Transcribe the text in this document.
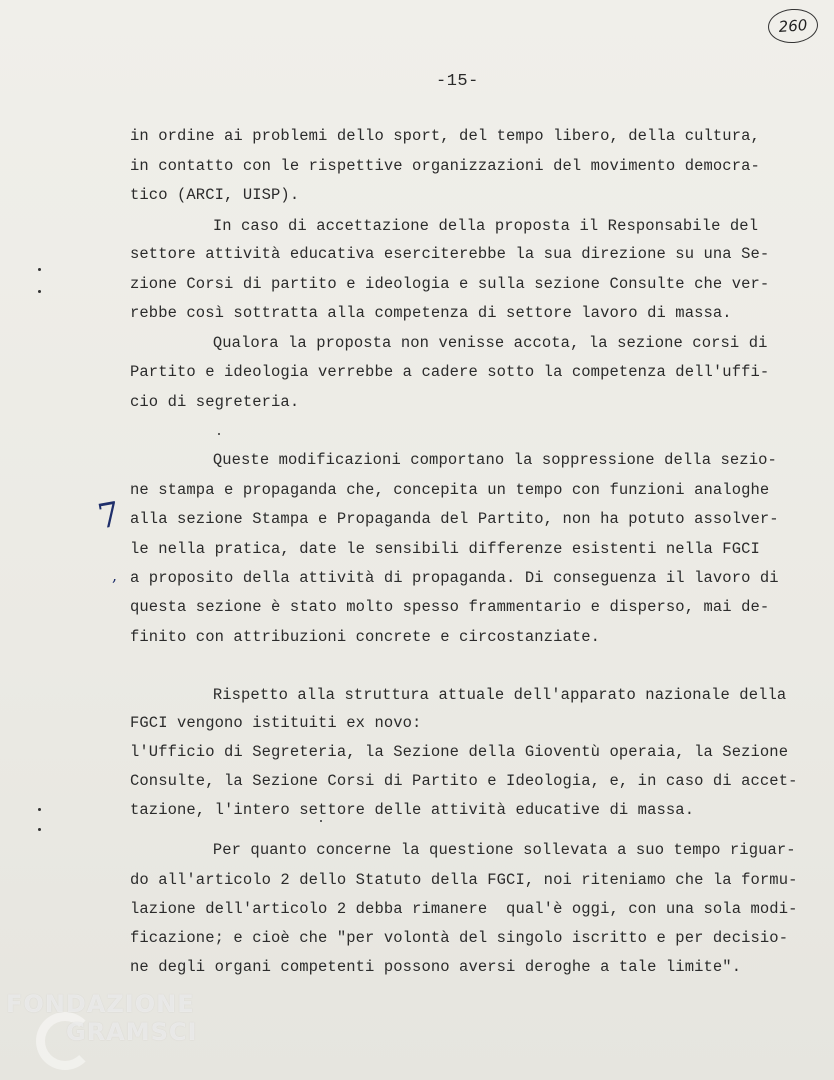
260
-15-
in ordine ai problemi dello sport, del tempo libero, della cultura,
in contatto con le rispettive organizzazioni del movimento democra-
tico (ARCI, UISP).
In caso di accettazione della proposta il Responsabile del
settore attività educativa eserciterebbe la sua direzione su una Se-
zione Corsi di partito e ideologia e sulla sezione Consulte che ver-
rebbe così sottratta alla competenza di settore lavoro di massa.
Qualora la proposta non venisse accota, la sezione corsi di
Partito e ideologia verrebbe a cadere sotto la competenza dell'uffi-
cio di segreteria.
Queste modificazioni comportano la soppressione della sezio-
ne stampa e propaganda che, concepita un tempo con funzioni analoghe
alla sezione Stampa e Propaganda del Partito, non ha potuto assolver-
le nella pratica, date le sensibili differenze esistenti nella FGCI
a proposito della attività di propaganda. Di conseguenza il lavoro di
questa sezione è stato molto spesso frammentario e disperso, mai de-
finito con attribuzioni concrete e circostanziate.
Rispetto alla struttura attuale dell'apparato nazionale della
FGCI vengono istituiti ex novo:
l'Ufficio di Segreteria, la Sezione della Gioventù operaia, la Sezione
Consulte, la Sezione Corsi di Partito e Ideologia, e, in caso di accet-
tazione, l'intero settore delle attività educative di massa.
Per quanto concerne la questione sollevata a suo tempo riguar-
do all'articolo 2 dello Statuto della FGCI, noi riteniamo che la formu-
lazione dell'articolo 2 debba rimanere  qual'è oggi, con una sola modi-
ficazione; e cioè che "per volontà del singolo iscritto e per decisio-
ne degli organi competenti possono aversi deroghe a tale limite".
7
,
FONDAZIONE
GRAMSCI
